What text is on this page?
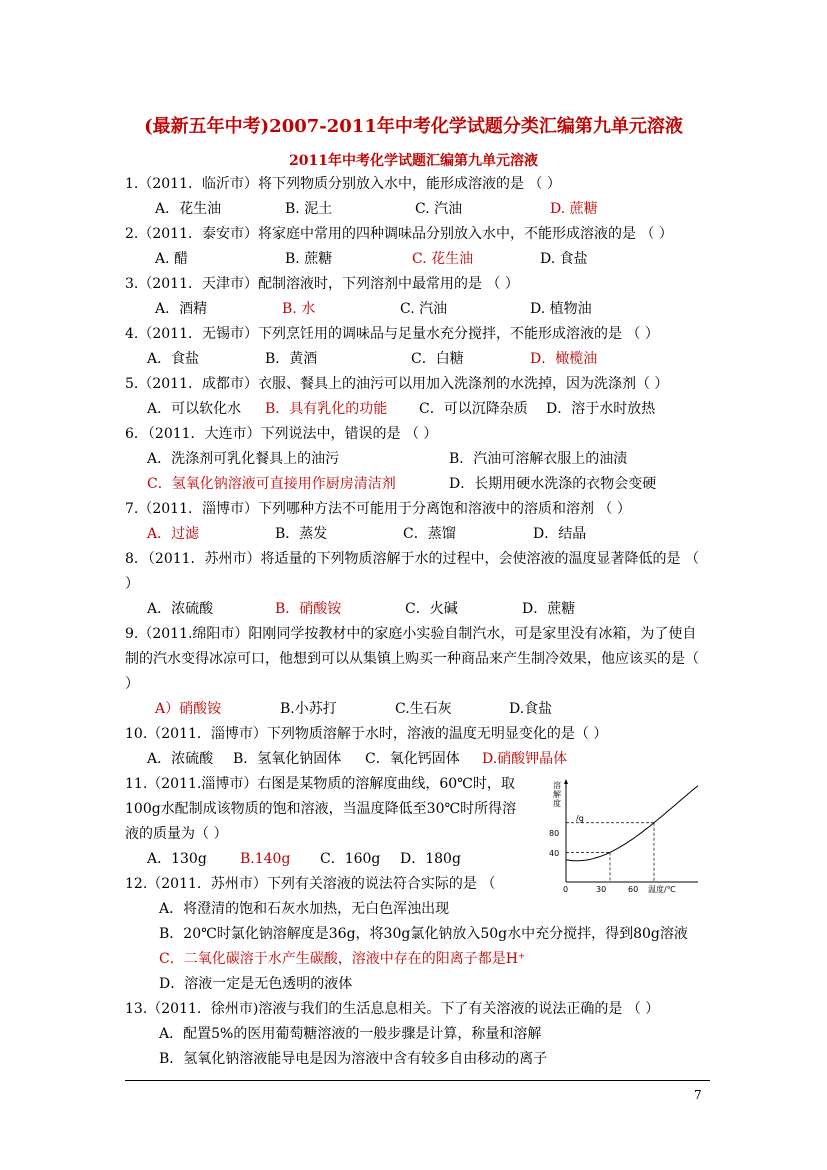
(最新五年中考)2007-2011年中考化学试题分类汇编第九单元溶液
2011年中考化学试题汇编第九单元溶液

1.（2011．临沂市）将下列物质分别放入水中，能形成溶液的是 （ ）

A．花生油	B. 泥土	C. 汽油	D. 蔗糖

2.（2011．泰安市）将家庭中常用的四种调味品分别放入水中，不能形成溶液的是 （ ）

A. 醋	B. 蔗糖	C. 花生油	D. 食盐

3.（2011．天津市）配制溶液时，下列溶剂中最常用的是 （ ）

A．酒精	B. 水	C. 汽油	D. 植物油

4.（2011．无锡市）下列烹饪用的调味品与足量水充分搅拌，不能形成溶液的是 （ ）

A．食盐	B．黄酒	C．白糖	D．橄榄油

5.（2011．成都市）衣服、餐具上的油污可以用加入洗涤剂的水洗掉，因为洗涤剂（ ）

A．可以软化水	B．具有乳化的功能	C．可以沉降杂质	D．溶于水时放热

6．（2011．大连市）下列说法中，错误的是 （ ）

A．洗涤剂可乳化餐具上的油污	B．汽油可溶解衣服上的油渍
C．氢氧化钠溶液可直接用作厨房清洁剂	D．长期用硬水洗涤的衣物会变硬

7.（2011．淄博市）下列哪种方法不可能用于分离饱和溶液中的溶质和溶剂 （ ）

A．过滤	B．蒸发	C．蒸馏	D．结晶

8．（2011．苏州市）将适量的下列物质溶解于水的过程中，会使溶液的温度显著降低的是 （ ）

A．浓硫酸	B．硝酸铵	C．火碱	D．蔗糖

9.（2011.绵阳市）阳刚同学按教材中的家庭小实验自制汽水，可是家里没有冰箱，为了使自制的汽水变得冰凉可口，他想到可以从集镇上购买一种商品来产生制冷效果，他应该买的是（ ）

A）硝酸铵	B.小苏打	C.生石灰	D.食盐

10.（2011．淄博市）下列物质溶解于水时，溶液的温度无明显变化的是（ ）

A．浓硫酸	B．氢氧化钠固体	C．氧化钙固体	D.硝酸钾晶体

11.（2011.淄博市）右图是某物质的溶解度曲线，60℃时，取100g水配制成该物质的饱和溶液，当温度降低至30℃时所得溶液的质量为（ ）

A．130g	B.140g	C．160g	D．180g

12.（2011．苏州市）下列有关溶液的说法符合实际的是 （

A．将澄清的饱和石灰水加热，无白色浑浊出现

B．20℃时氯化钠溶解度是36g，将30g氯化钠放入50g水中充分搅拌，得到80g溶液

C．二氧化碳溶于水产生碳酸，溶液中存在的阳离子都是H⁺

D．溶液一定是无色透明的液体

13.（2011．徐州市)溶液与我们的生活息息相关。下了有关溶液的说法正确的是 （ ）

A．配置5%的医用葡萄糖溶液的一般步骤是计算，称量和溶解

B．氢氧化钠溶液能导电是因为溶液中含有较多自由移动的离子

溶解度
/g
80
40
0	30	60 温度/℃
7
